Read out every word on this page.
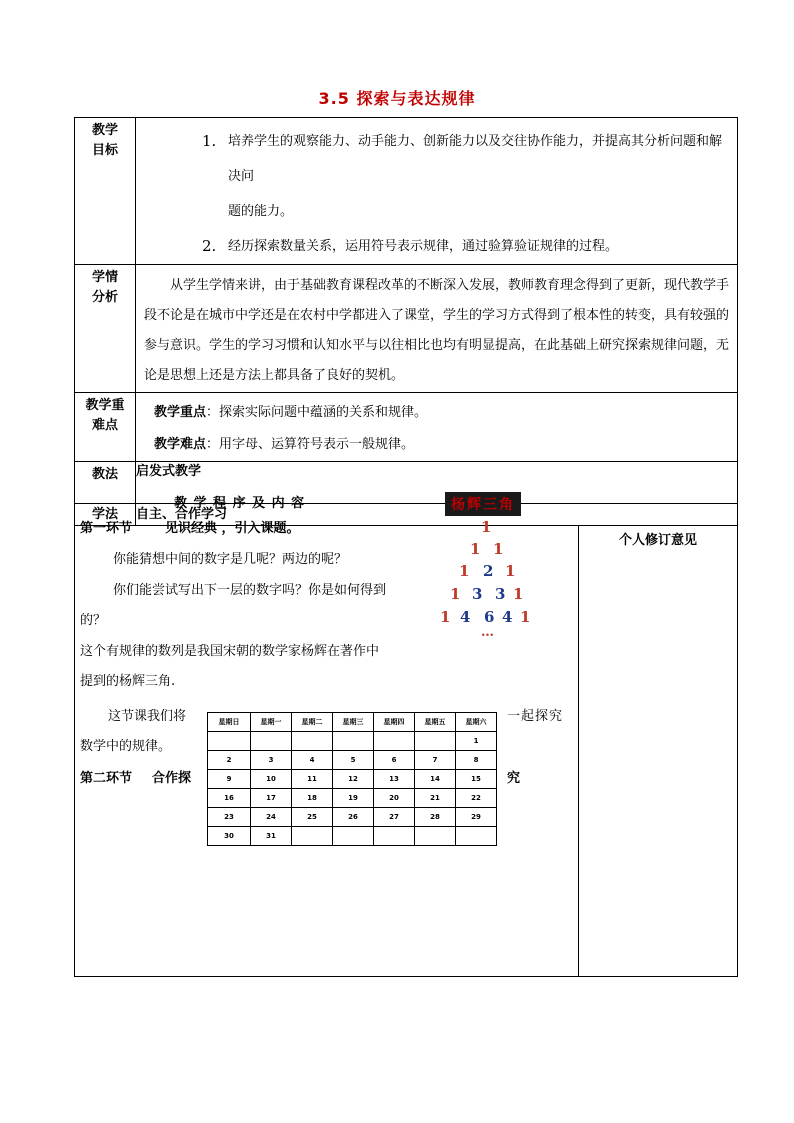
3.5 探索与表达规律
教学目标	1. 培养学生的观察能力、动手能力、创新能力以及交往协作能力，并提高其分析问题和解决问
题的能力。
2. 经历探索数量关系，运用符号表示规律，通过验算验证规律的过程。	

学情分析	从学生学情来讲，由于基础教育课程改革的不断深入发展，教师教育理念得到了更新，现代教学手段不论是在城市中学还是在农村中学都进入了课堂，学生的学习方式得到了根本性的转变，具有较强的参与意识。学生的学习习惯和认知水平与以往相比也均有明显提高，在此基础上研究探索规律问题，无论是思想上还是方法上都具备了良好的契机。	

教学重难点	教学重点：探索实际问题中蕴涵的关系和规律。
教学难点：用字母、运算符号表示一般规律。	

教法	启发式教学	
学法	自主、合作学习	

		个人修订意见
教 学 程 序 及 内 容
第一环节	见识经典 ，引入课题。
你能猜想中间的数字是几呢？两边的呢？
你们能尝试写出下一层的数字吗？你是如何得到
的？
这个有规律的数列是我国宋朝的数学家杨辉在著作中
提到的杨辉三角.
这节课我们将	一起探究
数学中的规律。
第二环节 合作探	究
杨辉三角
1
1 1
1 2 1
1 3 3 1
1 4 6 4 1
…
星期日	星期一	星期二	星期三	星期四	星期五	星期六
						1
2	3	4	5	6	7	8
9	10	11	12	13	14	15
16	17	18	19	20	21	22
23	24	25	26	27	28	29
30	31					
